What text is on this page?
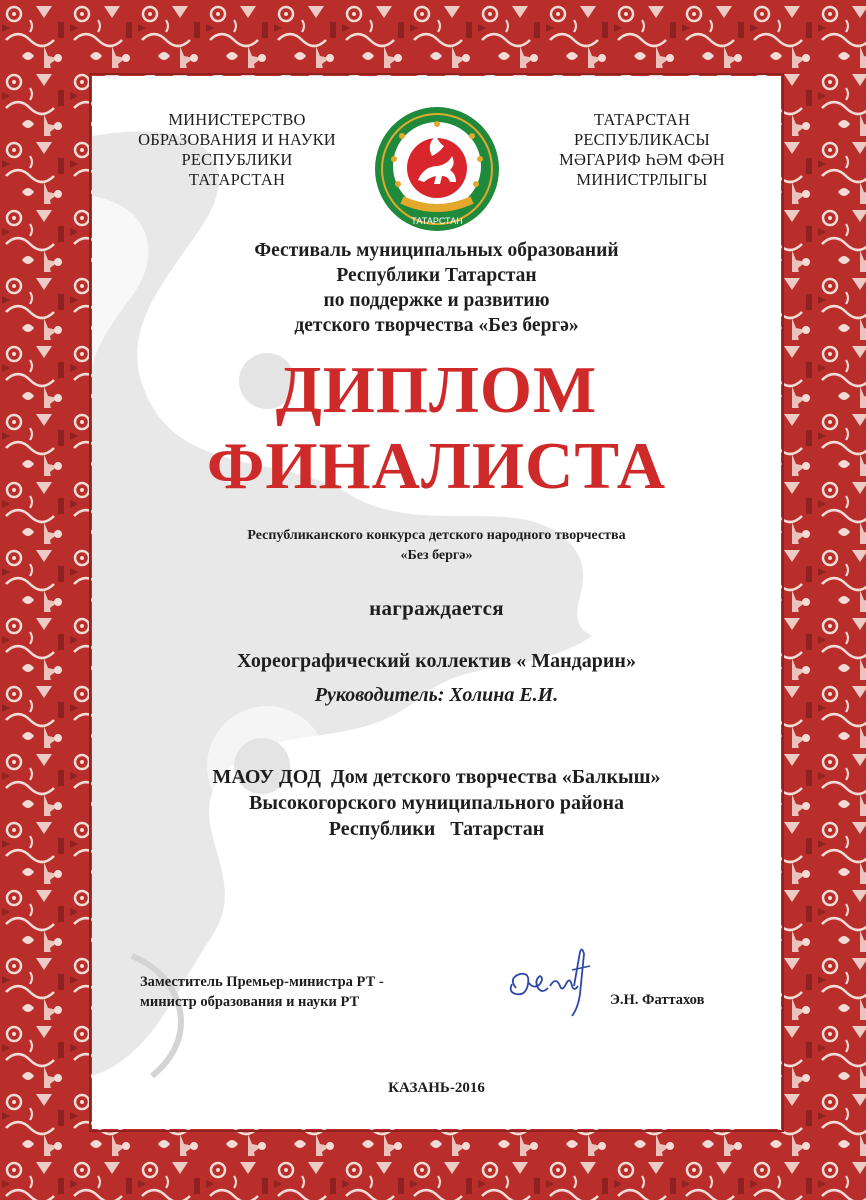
МИНИСТЕРСТВО
ОБРАЗОВАНИЯ И НАУКИ
РЕСПУБЛИКИ
ТАТАРСТАН
ТАТАРСТАН
ТАТАРСТАН
РЕСПУБЛИКАСЫ
МӘГАРИФ ҺӘМ ФӘН
МИНИСТРЛЫГЫ
Фестиваль муниципальных образований
Республики Татарстан
по поддержке и развитию
детского творчества «Без бергә»
ДИПЛОМ
ФИНАЛИСТА
Республиканского конкурса детского народного творчества
«Без бергә»
награждается
Хореографический коллектив « Мандарин»
Руководитель: Холина Е.И.
МАОУ ДОД  Дом детского творчества «Балкыш»
Высокогорского муниципального района
Республики   Татарстан
Заместитель Премьер-министра РТ -
министр образования и науки РТ	Э.Н. Фаттахов
КАЗАНЬ-2016
